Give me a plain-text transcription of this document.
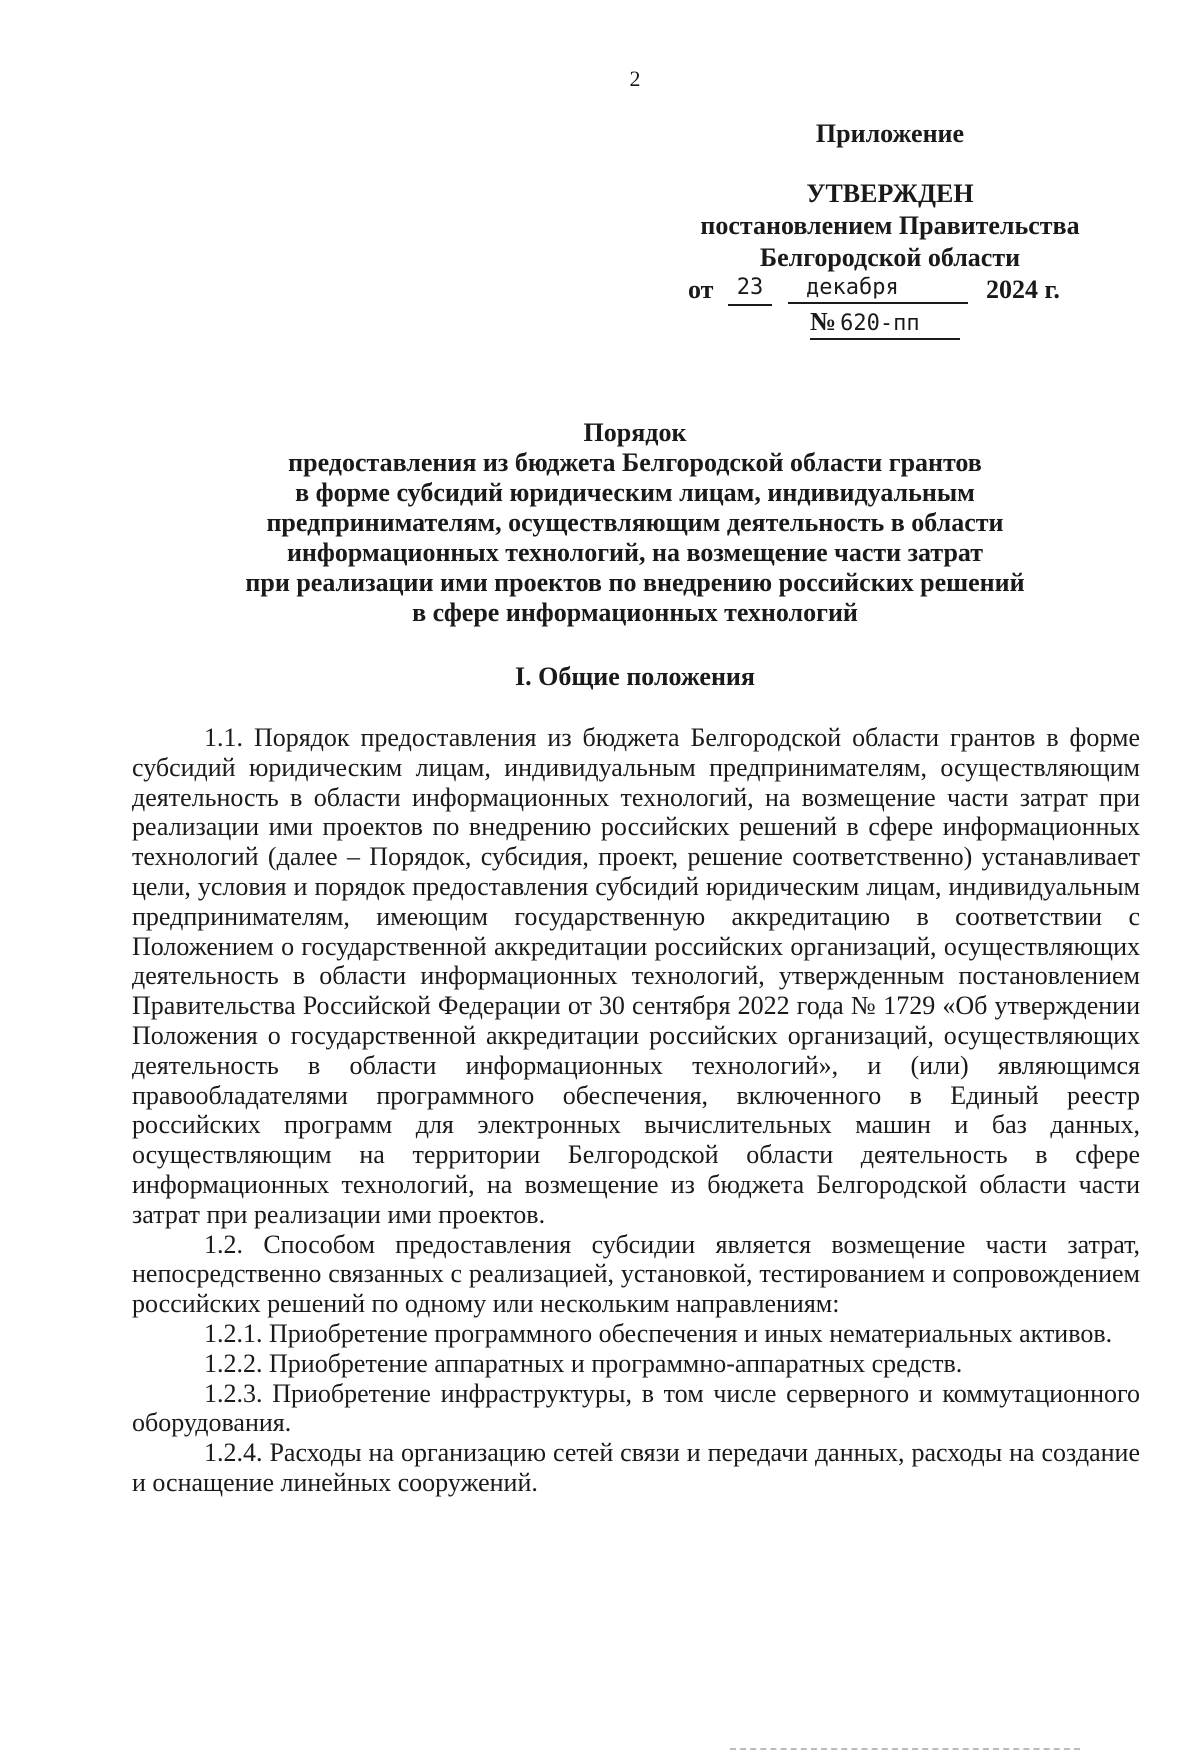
2
Приложение
УТВЕРЖДЕН
постановлением Правительства
Белгородской области
от	23	декабря	2024 г.
№ 620-пп

Порядок

предоставления из бюджета Белгородской области грантов

в форме субсидий юридическим лицам, индивидуальным

предпринимателям, осуществляющим деятельность в области

информационных технологий, на возмещение части затрат

при реализации ими проектов по внедрению российских решений

в сфере информационных технологий

I. Общие положения

1.1. Порядок предоставления из бюджета Белгородской области грантов в форме субсидий юридическим лицам, индивидуальным предпринимателям, осуществляющим деятельность в области информационных технологий, на возмещение части затрат при реализации ими проектов по внедрению российских решений в сфере информационных технологий (далее – Порядок, субсидия, проект, решение соответственно) устанавливает цели, условия и порядок предоставления субсидий юридическим лицам, индивидуальным предпринимателям, имеющим государственную аккредитацию в соответствии с Положением о государственной аккредитации российских организаций, осуществляющих деятельность в области информационных технологий, утвержденным постановлением Правительства Российской Федерации от 30 сентября 2022 года № 1729 «Об утверждении Положения о государственной аккредитации российских организаций, осуществляющих деятельность в области информационных технологий», и (или) являющимся правообладателями программного обеспечения, включенного в Единый реестр российских программ для электронных вычислительных машин и баз данных, осуществляющим на территории Белгородской области деятельность в сфере информационных технологий, на возмещение из бюджета Белгородской области части затрат при реализации ими проектов.

1.2. Способом предоставления субсидии является возмещение части затрат, непосредственно связанных с реализацией, установкой, тестированием и сопровождением российских решений по одному или нескольким направлениям:

1.2.1. Приобретение программного обеспечения и иных нематериальных активов.

1.2.2. Приобретение аппаратных и программно-аппаратных средств.

1.2.3. Приобретение инфраструктуры, в том числе серверного и коммутационного оборудования.

1.2.4. Расходы на организацию сетей связи и передачи данных, расходы на создание и оснащение линейных сооружений.
